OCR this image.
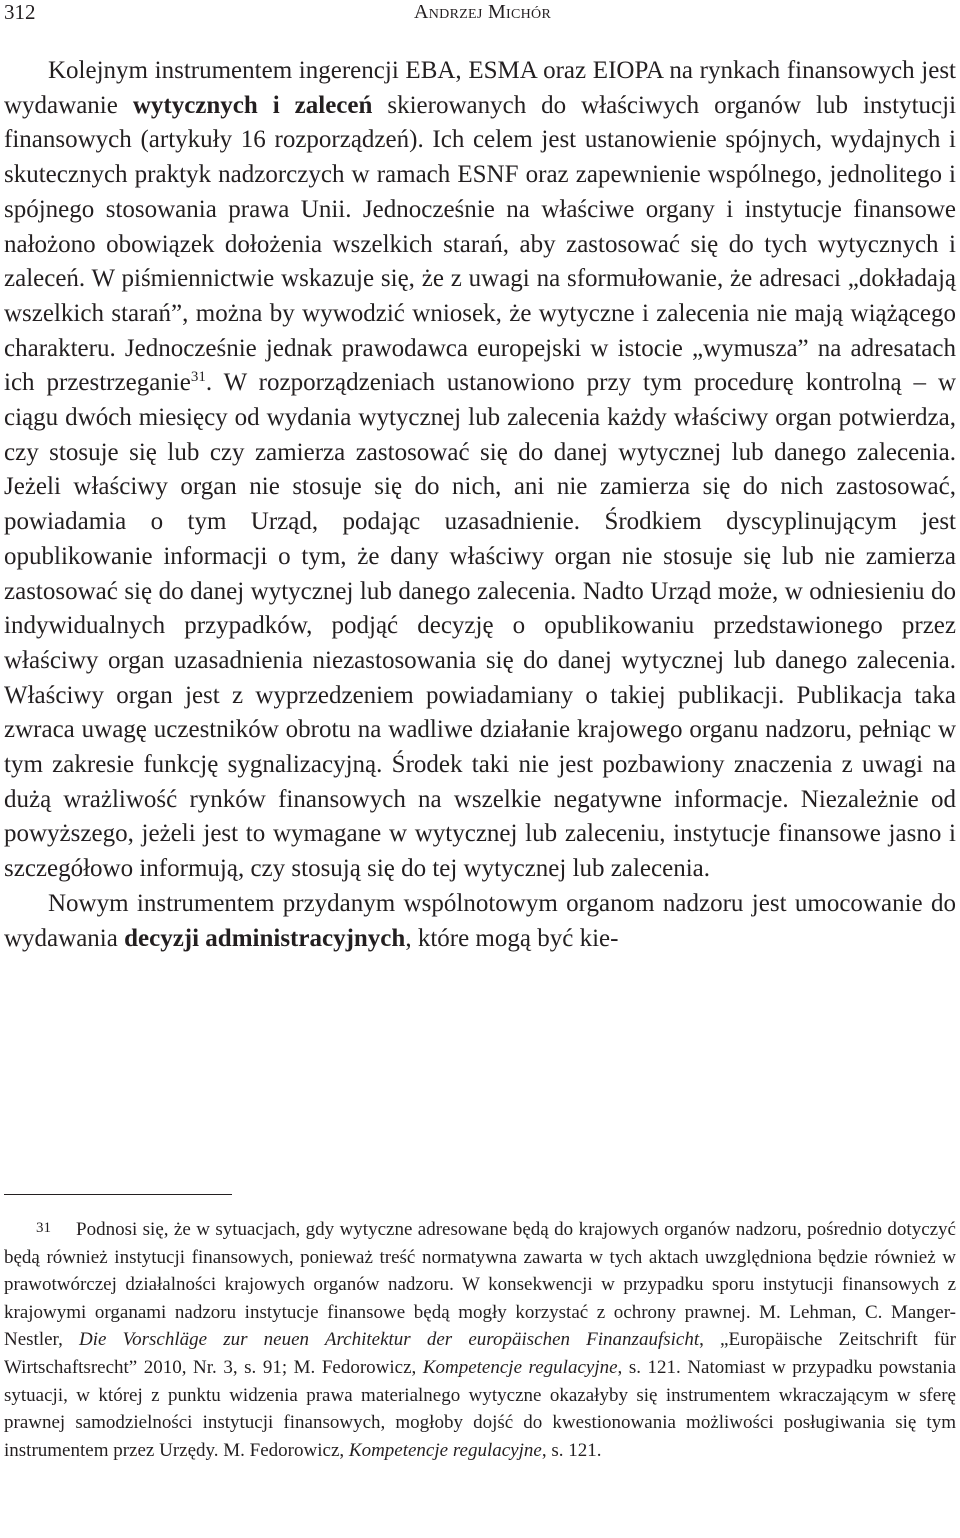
312	Andrzej Michór

Kolejnym instrumentem ingerencji EBA, ESMA oraz EIOPA na rynkach finansowych jest wydawanie wytycznych i zaleceń skierowanych do właściwych organów lub instytucji finansowych (artykuły 16 rozporządzeń). Ich celem jest ustanowienie spójnych, wydajnych i skutecznych praktyk nadzorczych w ramach ESNF oraz zapewnienie wspólnego, jednolitego i spójnego stosowania prawa Unii. Jednocześnie na właściwe organy i instytucje finansowe nałożono obowiązek dołożenia wszelkich starań, aby zastosować się do tych wytycznych i zaleceń. W piśmiennictwie wskazuje się, że z uwagi na sformułowanie, że adresaci „dokładają wszelkich starań”, można by wywodzić wniosek, że wytyczne i zalecenia nie mają wiążącego charakteru. Jednocześnie jednak prawodawca europejski w istocie „wymusza” na adresatach ich przestrzeganie$^{31}$. W rozporządzeniach ustanowiono przy tym procedurę kontrolną – w ciągu dwóch miesięcy od wydania wytycznej lub zalecenia każdy właściwy organ potwierdza, czy stosuje się lub czy zamierza zastosować się do danej wytycznej lub danego zalecenia. Jeżeli właściwy organ nie stosuje się do nich, ani nie zamierza się do nich zastosować, powiadamia o tym Urząd, podając uzasadnienie. Środkiem dyscyplinującym jest opublikowanie informacji o tym, że dany właściwy organ nie stosuje się lub nie zamierza zastosować się do danej wytycznej lub danego zalecenia. Nadto Urząd może, w odniesieniu do indywidualnych przypadków, podjąć decyzję o opublikowaniu przedstawionego przez właściwy organ uzasadnienia niezastosowania się do danej wytycznej lub danego zalecenia. Właściwy organ jest z wyprzedzeniem powiadamiany o takiej publikacji. Publikacja taka zwraca uwagę uczestników obrotu na wadliwe działanie krajowego organu nadzoru, pełniąc w tym zakresie funkcję sygnalizacyjną. Środek taki nie jest pozbawiony znaczenia z uwagi na dużą wrażliwość rynków finansowych na wszelkie negatywne informacje. Niezależnie od powyższego, jeżeli jest to wymagane w wytycznej lub zaleceniu, instytucje finansowe jasno i szczegółowo informują, czy stosują się do tej wytycznej lub zalecenia.

Nowym instrumentem przydanym wspólnotowym organom nadzoru jest umocowanie do wydawania decyzji administracyjnych, które mogą być kie-

31 Podnosi się, że w sytuacjach, gdy wytyczne adresowane będą do krajowych organów nadzoru, pośrednio dotyczyć będą również instytucji finansowych, ponieważ treść normatywna zawarta w tych aktach uwzględniona będzie również w prawotwórczej działalności krajowych organów nadzoru. W konsekwencji w przypadku sporu instytucji finansowych z krajowymi organami nadzoru instytucje finansowe będą mogły korzystać z ochrony prawnej. M. Lehman, C. Manger-Nestler, Die Vorschläge zur neuen Architektur der europäischen Finanzaufsicht, „Europäische Zeitschrift für Wirtschaftsrecht” 2010, Nr. 3, s. 91; M. Fedorowicz, Kompetencje regulacyjne, s. 121. Natomiast w przypadku powstania sytuacji, w której z punktu widzenia prawa materialnego wytyczne okazałyby się instrumentem wkraczającym w sferę prawnej samodzielności instytucji finansowych, mogłoby dojść do kwestionowania możliwości posługiwania się tym instrumentem przez Urzędy. M. Fedorowicz, Kompetencje regulacyjne, s. 121.
